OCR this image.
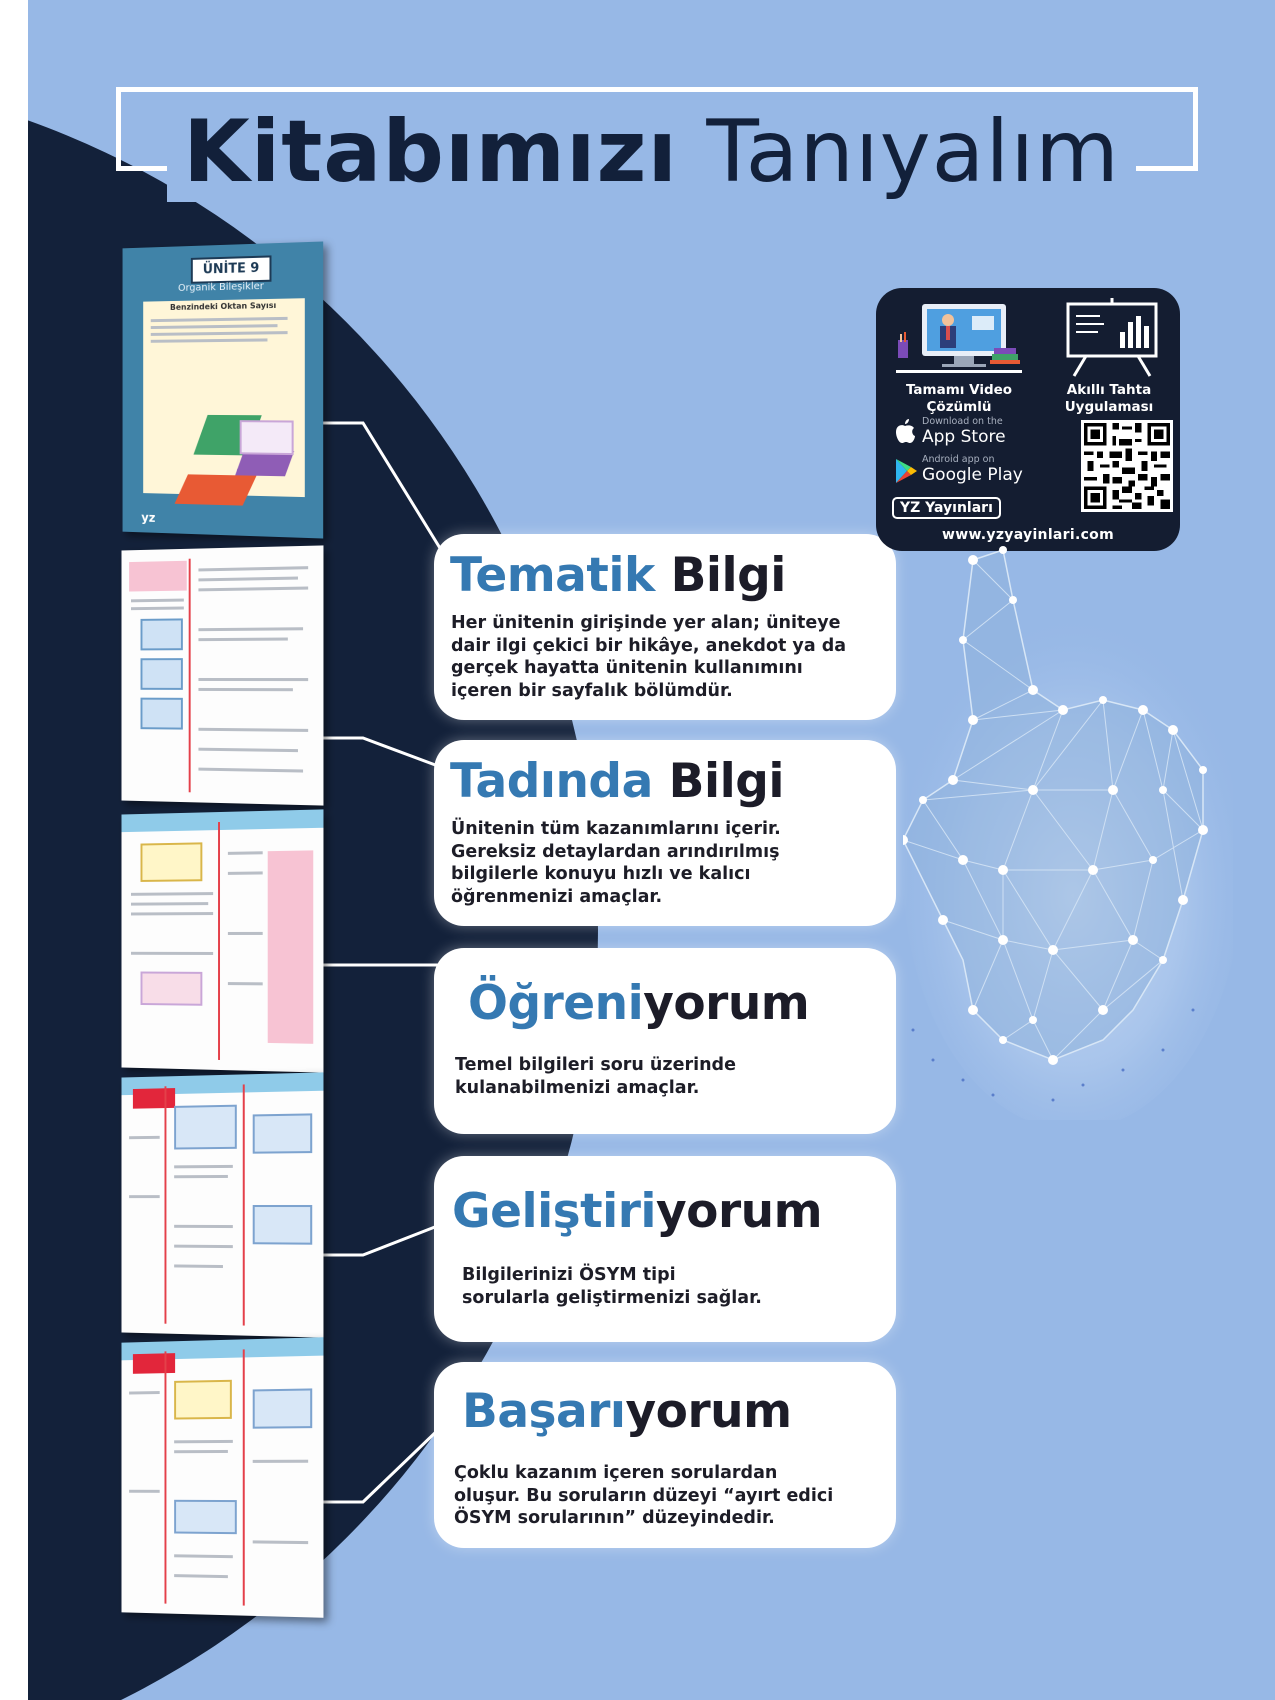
Kitabımızı Tanıyalım
ÜNİTE 9
Organik Bileşikler
Benzindeki Oktan Sayısı
yz
Tematik Bilgi
Her ünitenin girişinde yer alan; üniteye
dair ilgi çekici bir hikâye, anekdot ya da
gerçek hayatta ünitenin kullanımını
içeren bir sayfalık bölümdür.
Tadında Bilgi
Ünitenin tüm kazanımlarını içerir.
Gereksiz detaylardan arındırılmış
bilgilerle konuyu hızlı ve kalıcı
öğrenmenizi amaçlar.
Öğreniyorum
Temel bilgileri soru üzerinde
kulanabilmenizi amaçlar.
Geliştiriyorum
Bilgilerinizi ÖSYM tipi
sorularla geliştirmenizi sağlar.
Başarıyorum
Çoklu kazanım içeren sorulardan
oluşur. Bu soruların düzeyi “ayırt edici
ÖSYM sorularının” düzeyindedir.
Tamamı Video
Çözümlü
Akıllı Tahta
Uygulaması
Download on the
App Store
Android app on
Google Play
YZ Yayınları
www.yzyayinlari.com
